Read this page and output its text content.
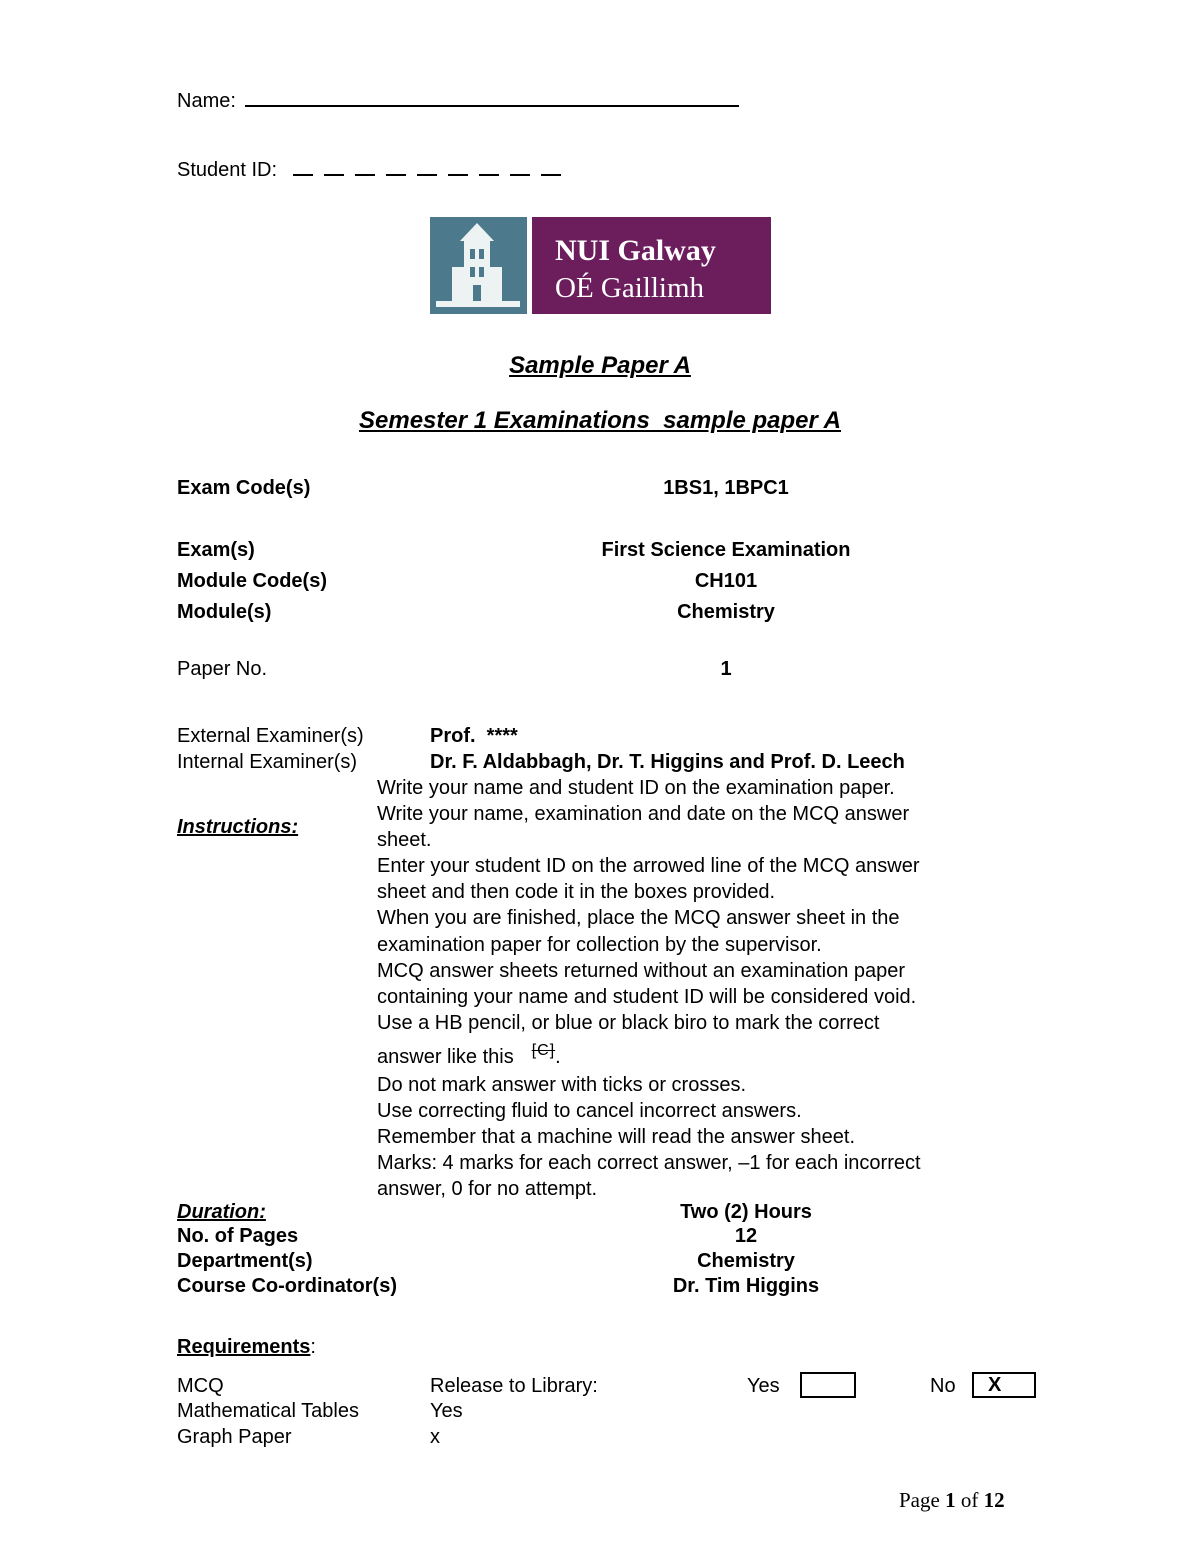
Name:
Student ID:
NUI Galway
OÉ Gaillimh
Sample Paper A
Semester 1 Examinations  sample paper A
Exam Code(s)	1BS1, 1BPC1
Exam(s)	First Science Examination
Module Code(s)	CH101
Module(s)	Chemistry
Paper No.	1
External Examiner(s)	Prof.  ****
Internal Examiner(s)	Dr. F. Aldabbagh, Dr. T. Higgins and Prof. D. Leech
Instructions:
Write your name and student ID on the examination paper.
Write your name, examination and date on the MCQ answer
sheet.
Enter your student ID on the arrowed line of the MCQ answer
sheet and then code it in the boxes provided.
When you are finished, place the MCQ answer sheet in the
examination paper for collection by the supervisor.
MCQ answer sheets returned without an examination paper
containing your name and student ID will be considered void.
Use a HB pencil, or blue or black biro to mark the correct
answer like this [C].
Do not mark answer with ticks or crosses.
Use correcting fluid to cancel incorrect answers.
Remember that a machine will read the answer sheet.
Marks: 4 marks for each correct answer, –1 for each incorrect
answer, 0 for no attempt.
Duration:	Two (2) Hours
No. of Pages	12
Department(s)	Chemistry
Course Co-ordinator(s)	Dr. Tim Higgins
Requirements:
MCQ	Release to Library:	Yes	No	X
Mathematical Tables	Yes
Graph Paper	x
Page 1 of 12
